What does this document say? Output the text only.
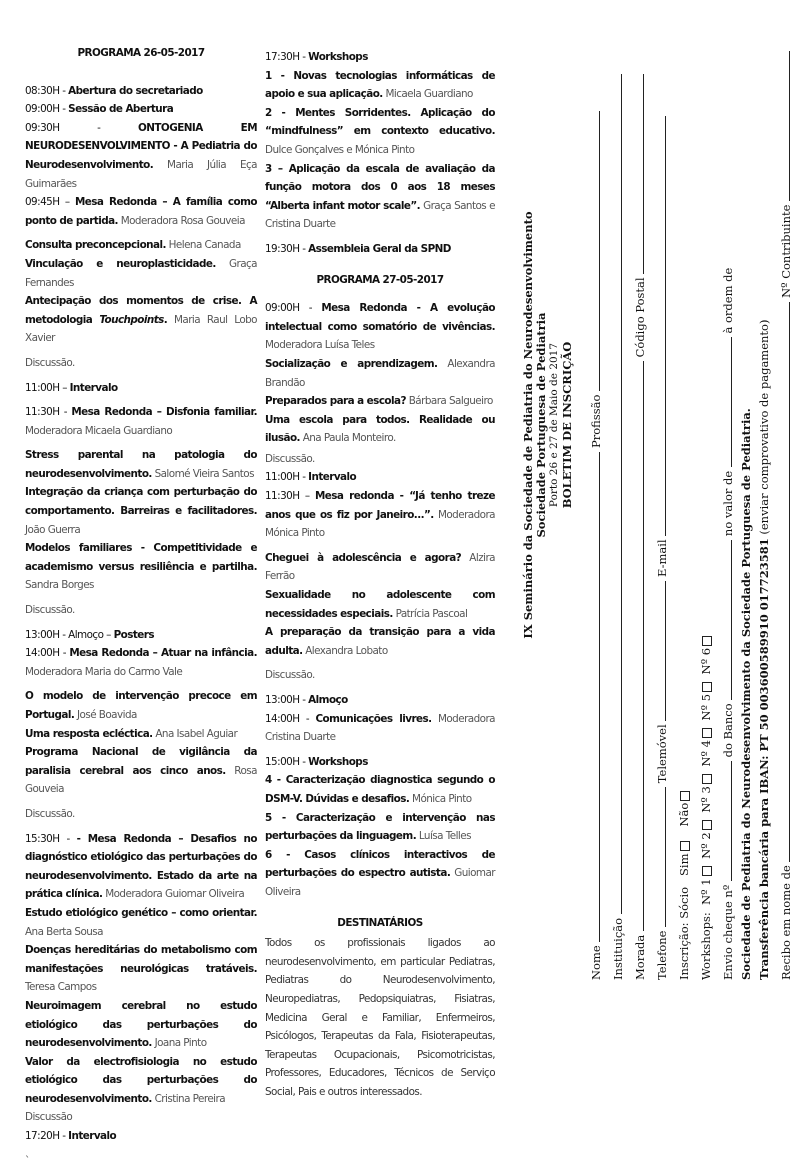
PROGRAMA 26-05-2017

08:30H - Abertura do secretariado

09:00H - Sessão de Abertura

09:30H - ONTOGENIA EM NEURODESENVOLVIMENTO - A Pediatria do Neurodesenvolvimento. Maria Júlia Eça Guimarães

09:45H – Mesa Redonda – A família como ponto de partida. Moderadora Rosa Gouveia

Consulta preconcepcional. Helena Canada

Vinculação e neuroplasticidade. Graça Fernandes

Antecipação dos momentos de crise. A metodologia Touchpoints. Maria Raul Lobo Xavier

Discussão.

11:00H – Intervalo

11:30H - Mesa Redonda – Disfonia familiar. Moderadora Micaela Guardiano

Stress parental na patologia do neurodesenvolvimento. Salomé Vieira Santos

Integração da criança com perturbação do comportamento. Barreiras e facilitadores. João Guerra

Modelos familiares - Competitividade e academismo versus resiliência e partilha. Sandra Borges

Discussão.

13:00H - Almoço – Posters

14:00H - Mesa Redonda – Atuar na infância. Moderadora Maria do Carmo Vale

O modelo de intervenção precoce em Portugal. José Boavida

Uma resposta ecléctica. Ana Isabel Aguiar

Programa Nacional de vigilância da paralisia cerebral aos cinco anos. Rosa Gouveia

Discussão.

15:30H - - Mesa Redonda – Desafios no diagnóstico etiológico das perturbações do neurodesenvolvimento. Estado da arte na prática clínica. Moderadora Guiomar Oliveira

Estudo etiológico genético – como orientar. Ana Berta Sousa

Doenças hereditárias do metabolismo com manifestações neurológicas tratáveis. Teresa Campos

Neuroimagem cerebral no estudo etiológico das perturbações do neurodesenvolvimento. Joana Pinto

Valor da electrofisiologia no estudo etiológico das perturbações do neurodesenvolvimento. Cristina Pereira

Discussão

17:20H - Intervalo

`

17:30H - Workshops

1 - Novas tecnologias informáticas de apoio e sua aplicação. Micaela Guardiano

2 - Mentes Sorridentes. Aplicação do “mindfulness” em contexto educativo. Dulce Gonçalves e Mónica Pinto

3 – Aplicação da escala de avaliação da função motora dos 0 aos 18 meses “Alberta infant motor scale”. Graça Santos e Cristina Duarte

19:30H - Assembleia Geral da SPND

PROGRAMA 27-05-2017

09:00H - Mesa Redonda - A evolução intelectual como somatório de vivências. Moderadora Luísa Teles

Socialização e aprendizagem. Alexandra Brandão

Preparados para a escola? Bárbara Salgueiro

Uma escola para todos. Realidade ou ilusão. Ana Paula Monteiro.

Discussão.

11:00H - Intervalo

11:30H – Mesa redonda - “Já tenho treze anos que os fiz por Janeiro...”. Moderadora Mónica Pinto

Cheguei à adolescência e agora? Alzira Ferrão

Sexualidade no adolescente com necessidades especiais. Patrícia Pascoal

A preparação da transição para a vida adulta. Alexandra Lobato

Discussão.

13:00H - Almoço

14:00H - Comunicações livres. Moderadora Cristina Duarte

15:00H - Workshops

4 - Caracterização diagnostica segundo o DSM-V. Dúvidas e desafios. Mónica Pinto

5 - Caracterização e intervenção nas perturbações da linguagem. Luísa Telles

6 - Casos clínicos interactivos de perturbações do espectro autista. Guiomar Oliveira

DESTINATÁRIOS

Todos os profissionais ligados ao neurodesenvolvimento, em particular Pediatras, Pediatras do Neurodesenvolvimento, Neuropediatras, Pedopsiquiatras, Fisiatras, Medicina Geral e Familiar, Enfermeiros, Psicólogos, Terapeutas da Fala, Fisioterapeutas, Terapeutas Ocupacionais, Psicomotricistas, Professores, Educadores, Técnicos de Serviço Social, Pais e outros interessados.

IX Seminário da Sociedade de Pediatria do Neurodesenvolvimento Sociedade Portuguesa de Pediatria Porto 26 e 27 de Maio de 2017 BOLETIM DE INSCRIÇÃO
Nome  Profissão
Instituição Morada  Código Postal
Telefone  Telemóvel  E-mail
Inscrição: Sócio   Sim   Não
Workshops:  Nº 1 Nº 2 Nº 3 Nº 4 Nº 5 Nº 6
Envio cheque nº  do Banco  no valor de  à ordem de
Sociedade de Pediatria do Neurodesenvolvimento da Sociedade Portuguesa de Pediatria. Transferência bancária para IBAN: PT 50 003600589910 017723581 (enviar comprovativo de pagamento)
Recibo em nome de  Nº Contribuinte
